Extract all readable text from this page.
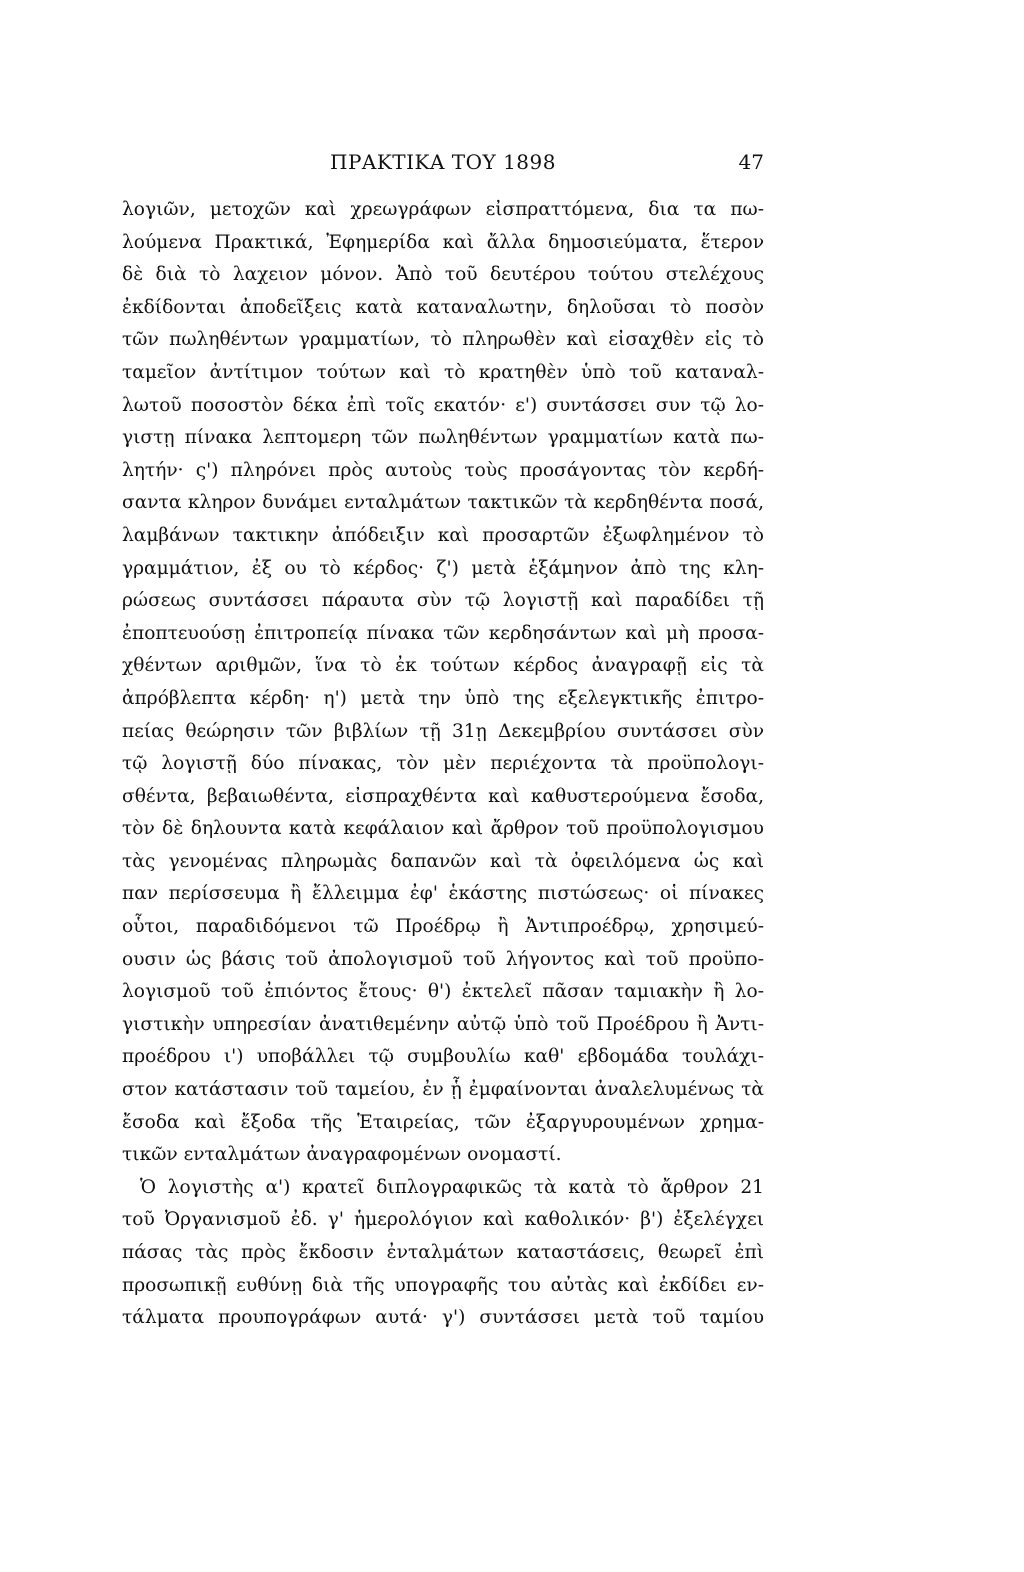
ΠΡΑΚΤΙΚΑ ΤΟΥ 1898	47
λογιῶν, μετοχῶν καὶ χρεωγράφων εἰσπραττόμενα, δια τα πω-
λούμενα Πρακτικά, Ἐφημερίδα καὶ ἄλλα δημοσιεύματα, ἕτερον
δὲ διὰ τὸ λαχειον μόνον. Ἀπὸ τοῦ δευτέρου τούτου στελέχους
ἐκδίδονται ἀποδεῖξεις κατὰ καταναλωτην, δηλοῦσαι τὸ ποσὸν
τῶν πωληθέντων γραμματίων, τὸ πληρωθὲν καὶ εἰσαχθὲν εἰς τὸ
ταμεῖον ἀντίτιμον τούτων καὶ τὸ κρατηθὲν ὑπὸ τοῦ καταναλ-
λωτοῦ ποσοστὸν δέκα ἐπὶ τοῖς εκατόν· ε') συντάσσει συν τῷ λο-
γιστῃ πίνακα λεπτομερη τῶν πωληθέντων γραμματίων κατὰ πω-
λητήν· ς') πληρόνει πρὸς αυτοὺς τοὺς προσάγοντας τὸν κερδή-
σαντα κληρον δυνάμει ενταλμάτων τακτικῶν τὰ κερδηθέντα ποσά,
λαμβάνων τακτικην ἀπόδειξιν καὶ προσαρτῶν ἐξωφλημένον τὸ
γραμμάτιον, ἐξ ου τὸ κέρδος· ζ') μετὰ ἑξάμηνον ἀπὸ της κλη-
ρώσεως συντάσσει πάραυτα σὺν τῷ λογιστῇ καὶ παραδίδει τῇ
ἐποπτευούσῃ ἐπιτροπείᾳ πίνακα τῶν κερδησάντων καὶ μὴ προσα-
χθέντων αριθμῶν, ἵνα τὸ ἐκ τούτων κέρδος ἀναγραφῇ εἰς τὰ
ἀπρόβλεπτα κέρδη· η') μετὰ την ὑπὸ της εξελεγκτικῆς ἐπιτρο-
πείας θεώρησιν τῶν βιβλίων τῇ 31ῃ Δεκεμβρίου συντάσσει σὺν
τῷ λογιστῇ δύο πίνακας, τὸν μὲν περιέχοντα τὰ προϋπολογι-
σθέντα, βεβαιωθέντα, εἰσπραχθέντα καὶ καθυστερούμενα ἔσοδα,
τὸν δὲ δηλουντα κατὰ κεφάλαιον καὶ ἄρθρον τοῦ προϋπολογισμου
τὰς γενομένας πληρωμὰς δαπανῶν καὶ τὰ ὀφειλόμενα ὡς καὶ
παν περίσσευμα ἢ ἔλλειμμα ἐφ' ἑκάστης πιστώσεως· οἱ πίνακες
οὗτοι, παραδιδόμενοι τῶ Προέδρῳ ἢ Ἀντιπροέδρῳ, χρησιμεύ-
ουσιν ὡς βάσις τοῦ ἀπολογισμοῦ τοῦ λήγοντος καὶ τοῦ προϋπο-
λογισμοῦ τοῦ ἐπιόντος ἔτους· θ') ἐκτελεῖ πᾶσαν ταμιακὴν ἢ λο-
γιστικὴν υπηρεσίαν ἀνατιθεμένην αὐτῷ ὑπὸ τοῦ Προέδρου ἢ Ἀντι-
προέδρου ι') υποβάλλει τῷ συμβουλίω καθ' εβδομάδα τουλάχι-
στον κατάστασιν τοῦ ταμείου, ἐν ᾗ ἐμφαίνονται ἀναλελυμένως τὰ
ἔσοδα καὶ ἔξοδα τῆς Ἑταιρείας, τῶν ἐξαργυρουμένων χρημα-
τικῶν ενταλμάτων ἀναγραφομένων ονομαστί.
Ὁ λογιστὴς α') κρατεῖ διπλογραφικῶς τὰ κατὰ τὸ ἄρθρον 21
τοῦ Ὀργανισμοῦ ἐδ. γ' ἡμερολόγιον καὶ καθολικόν· β') ἐξελέγχει
πάσας τὰς πρὸς ἔκδοσιν ἐνταλμάτων καταστάσεις, θεωρεῖ ἐπὶ
προσωπικῇ ευθύνῃ διὰ τῆς υπογραφῆς του αὐτὰς καὶ ἐκδίδει εν-
τάλματα προυπογράφων αυτά· γ') συντάσσει μετὰ τοῦ ταμίου
